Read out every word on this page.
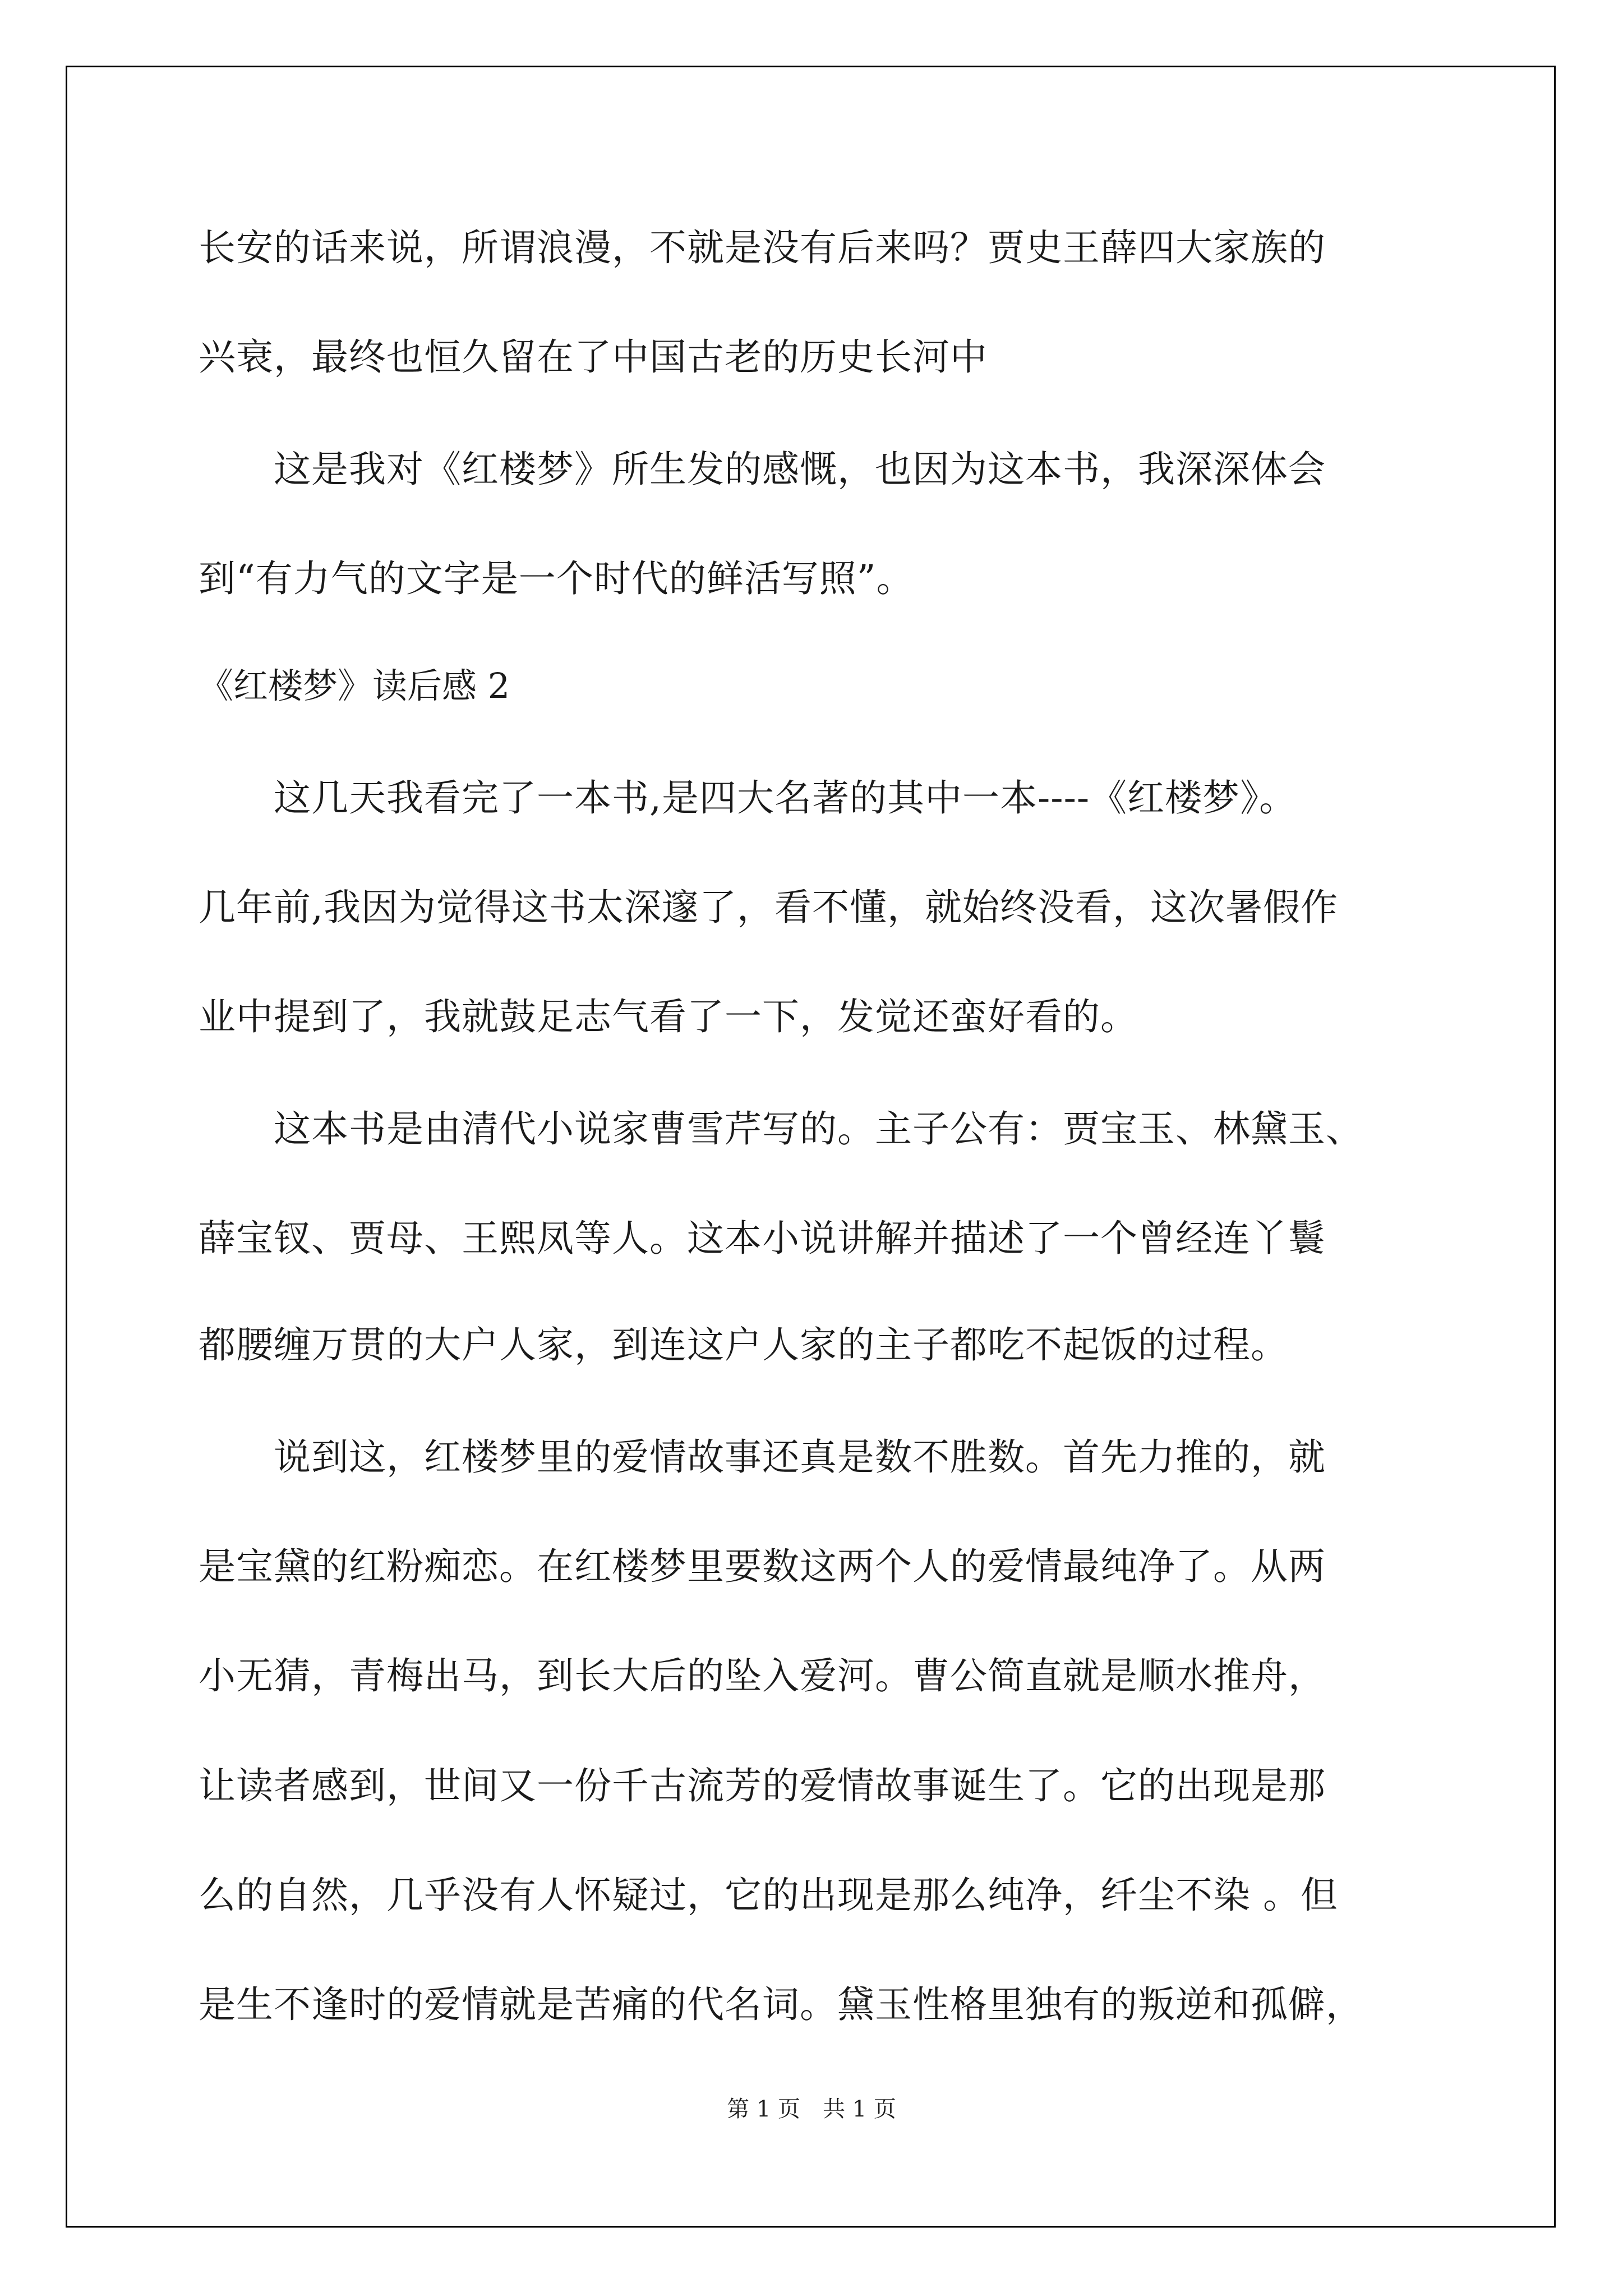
长安的话来说，所谓浪漫，不就是没有后来吗？贾史王薛四大家族的
兴衰，最终也恒久留在了中国古老的历史长河中
　　这是我对《红楼梦》所生发的感慨，也因为这本书，我深深体会
到“有力气的文字是一个时代的鲜活写照”。
《红楼梦》读后感 2
　　这几天我看完了一本书,是四大名著的其中一本----《红楼梦》。
几年前,我因为觉得这书太深邃了，看不懂，就始终没看，这次暑假作
业中提到了，我就鼓足志气看了一下，发觉还蛮好看的。
　　这本书是由清代小说家曹雪芹写的。主子公有：贾宝玉、林黛玉、
薛宝钗、贾母、王熙凤等人。这本小说讲解并描述了一个曾经连丫鬟
都腰缠万贯的大户人家，到连这户人家的主子都吃不起饭的过程。
　　说到这，红楼梦里的爱情故事还真是数不胜数。首先力推的，就
是宝黛的红粉痴恋。在红楼梦里要数这两个人的爱情最纯净了。从两
小无猜，青梅出马，到长大后的坠入爱河。曹公简直就是顺水推舟，
让读者感到，世间又一份千古流芳的爱情故事诞生了。它的出现是那
么的自然，几乎没有人怀疑过，它的出现是那么纯净，纤尘不染 。但
是生不逢时的爱情就是苦痛的代名词。黛玉性格里独有的叛逆和孤僻，
第 1 页　共 1 页
